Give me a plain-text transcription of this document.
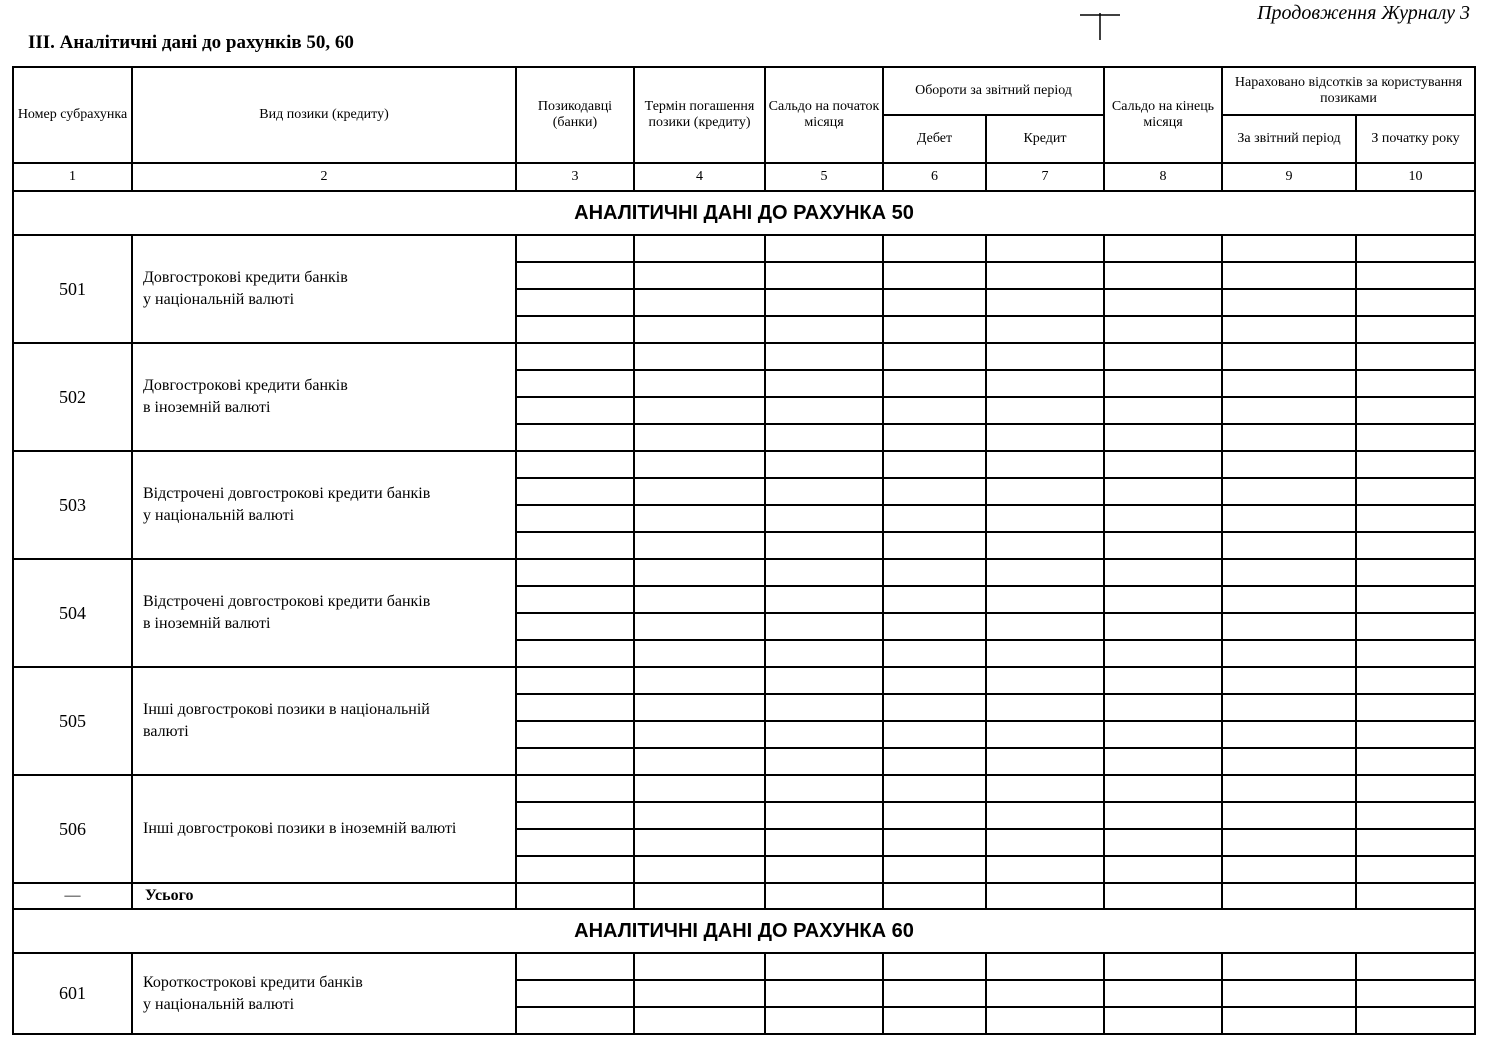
Продовження Журналу 3
III. Аналітичні дані до рахунків 50, 60
Номер субрахунка	Вид позики (кредиту)	Позикодавці (банки)	Термін погашення позики (кредиту)	Сальдо на початок місяця	Обороти за звітний період		Сальдо на кінець місяця	Нараховано відсотків за користування позиками	
					Дебет	Кредит		За звітний період	З початку року
1	2	3	4	5	6	7	8	9	10
АНАЛІТИЧНІ ДАНІ ДО РАХУНКА 50									
501	Довгострокові кредити банків
у національній валюті								

502	Довгострокові кредити банків
в іноземній валюті								

503	Відстрочені довгострокові кредити банків
у національній валюті								

504	Відстрочені довгострокові кредити банків
в іноземній валюті								

505	Інші довгострокові позики в національній
валюті								

506	Інші довгострокові позики в іноземній валюті								

—	Усього								
АНАЛІТИЧНІ ДАНІ ДО РАХУНКА 60									
601	Короткострокові кредити банків
у національній валюті								
